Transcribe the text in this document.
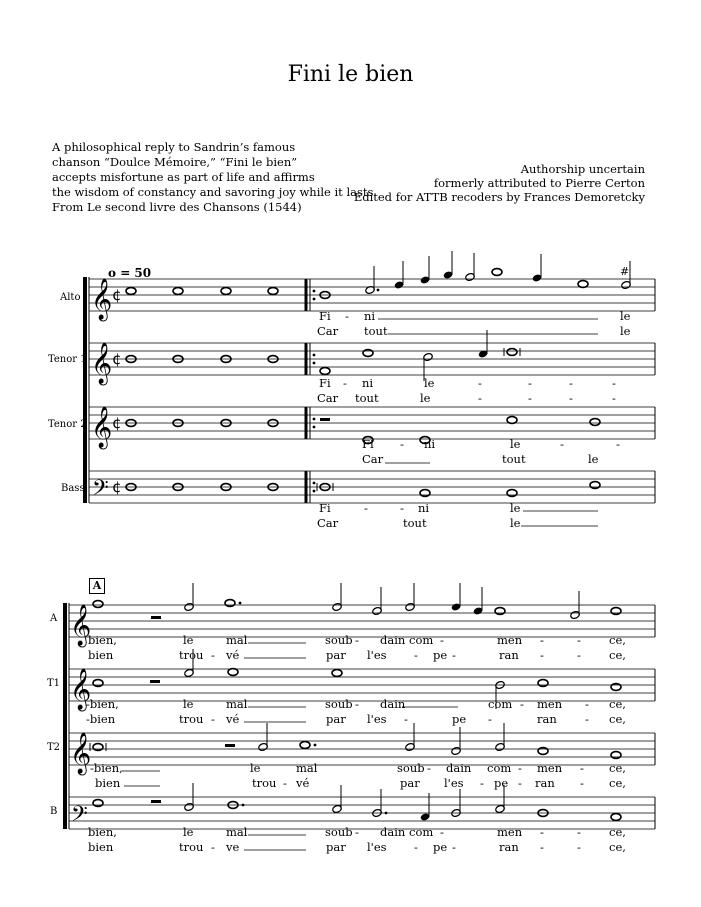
𝄞 ¢
𝄞 ¢
𝄞 ¢
𝄢 ¢
#
𝄞
𝄞
𝄞
𝄢
Fini le bien
A philosophical reply to Sandrin’s famous
chanson “Doulce Mémoire,” “Fini le bien”
accepts misfortune as part of life and affirms
the wisdom of constancy and savoring joy while it lasts.
From Le second livre des Chansons (1544)
Authorship uncertain
formerly attributed to Pierre Certon
Edited for ATTB recoders by Frances Demoretcky
o = 50
A
Alto
Tenor 1
Tenor 2
Bass
A
T1
T2
B
Fi - ni	le
Car tout	le
Fi - ni	le	-	-	-	-
Car tout	le	-	-	-	-
Fi - ni	le	-	-
Car	tout	le
Fi	-	- ni	le
Car	tout	le
bien,	le	mal	soub - dain com -	men -	- ce,
bien	trou - vé	par l'es - pe -	ran -	- ce,
-bien,	le	mal	soub - dain	com - men - ce,
-bien	trou - vé	par l'es -	pe -	ran - ce,
-bien,	le	mal	soub - dain com - men - ce,
bien	trou - vé	par l'es - pe - ran - ce,
bien,	le	mal	soub - dain com -	men -	- ce,
bien	trou - ve	par l'es - pe -	ran -	- ce,
